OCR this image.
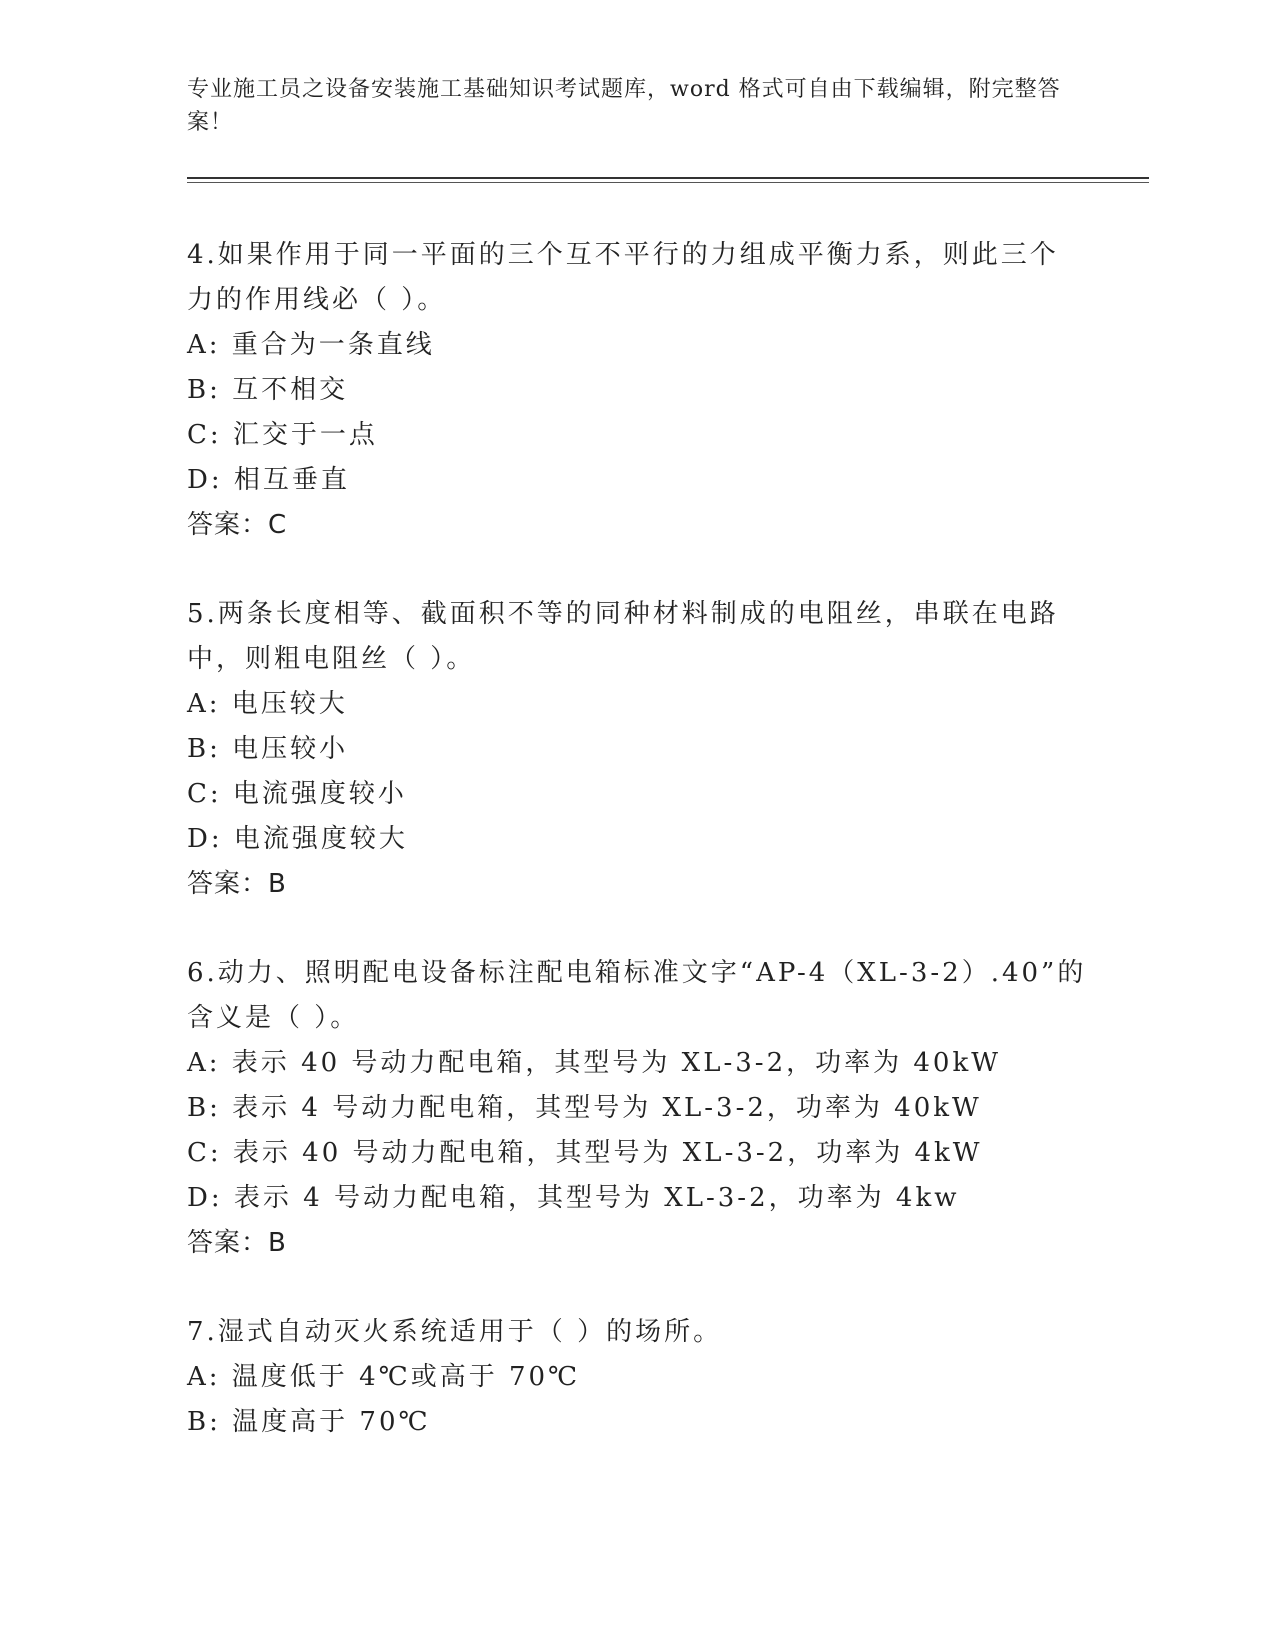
专业施工员之设备安装施工基础知识考试题库，word 格式可自由下载编辑，附完整答案！
4.如果作用于同一平面的三个互不平行的力组成平衡力系，则此三个力的作用线必（ ）。
A: 重合为一条直线
B: 互不相交
C: 汇交于一点
D: 相互垂直
答案：C
5.两条长度相等、截面积不等的同种材料制成的电阻丝，串联在电路中，则粗电阻丝（ ）。
A: 电压较大
B: 电压较小
C: 电流强度较小
D: 电流强度较大
答案：B
6.动力、照明配电设备标注配电箱标准文字“AP-4（XL-3-2）.40”的含义是（ ）。
A: 表示 40 号动力配电箱，其型号为 XL-3-2，功率为 40kW
B: 表示 4 号动力配电箱，其型号为 XL-3-2，功率为 40kW
C: 表示 40 号动力配电箱，其型号为 XL-3-2，功率为 4kW
D: 表示 4 号动力配电箱，其型号为 XL-3-2，功率为 4kw
答案：B
7.湿式自动灭火系统适用于（ ）的场所。
A: 温度低于 4℃或高于 70℃
B: 温度高于 70℃
